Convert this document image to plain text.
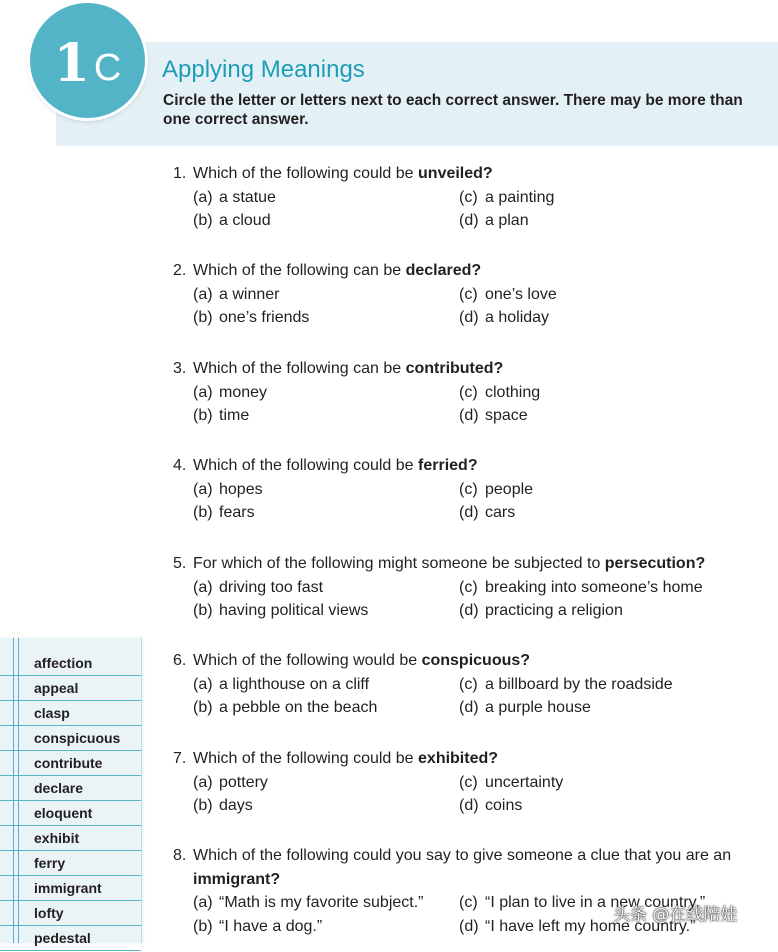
1 C Applying Meanings

Circle the letter or letters next to each correct answer. There may be more than one correct answer.

1. Which of the following could be unveiled?

(a) a statue	(c) a painting
(b) a cloud	(d) a plan

2. Which of the following can be declared?

(a) a winner	(c) one’s love
(b) one’s friends	(d) a holiday

3. Which of the following can be contributed?

(a) money	(c) clothing
(b) time	(d) space

4. Which of the following could be ferried?

(a) hopes	(c) people
(b) fears	(d) cars

5. For which of the following might someone be subjected to persecution?

(a) driving too fast	(c) breaking into someone’s home
(b) having political views	(d) practicing a religion

6. Which of the following would be conspicuous?

(a) a lighthouse on a cliff	(c) a billboard by the roadside
(b) a pebble on the beach	(d) a purple house

7. Which of the following could be exhibited?

(a) pottery	(c) uncertainty
(b) days	(d) coins

8. Which of the following could you say to give someone a clue that you are an

immigrant?
(a) “Math is my favorite subject.”	(c) “I plan to live in a new country.”
(b) “I have a dog.”	(d) “I have left my home country.”
affection
appeal
clasp
conspicuous
contribute
declare
eloquent
exhibit
ferry
immigrant
lofty
pedestal
头条 @在线陪娃
